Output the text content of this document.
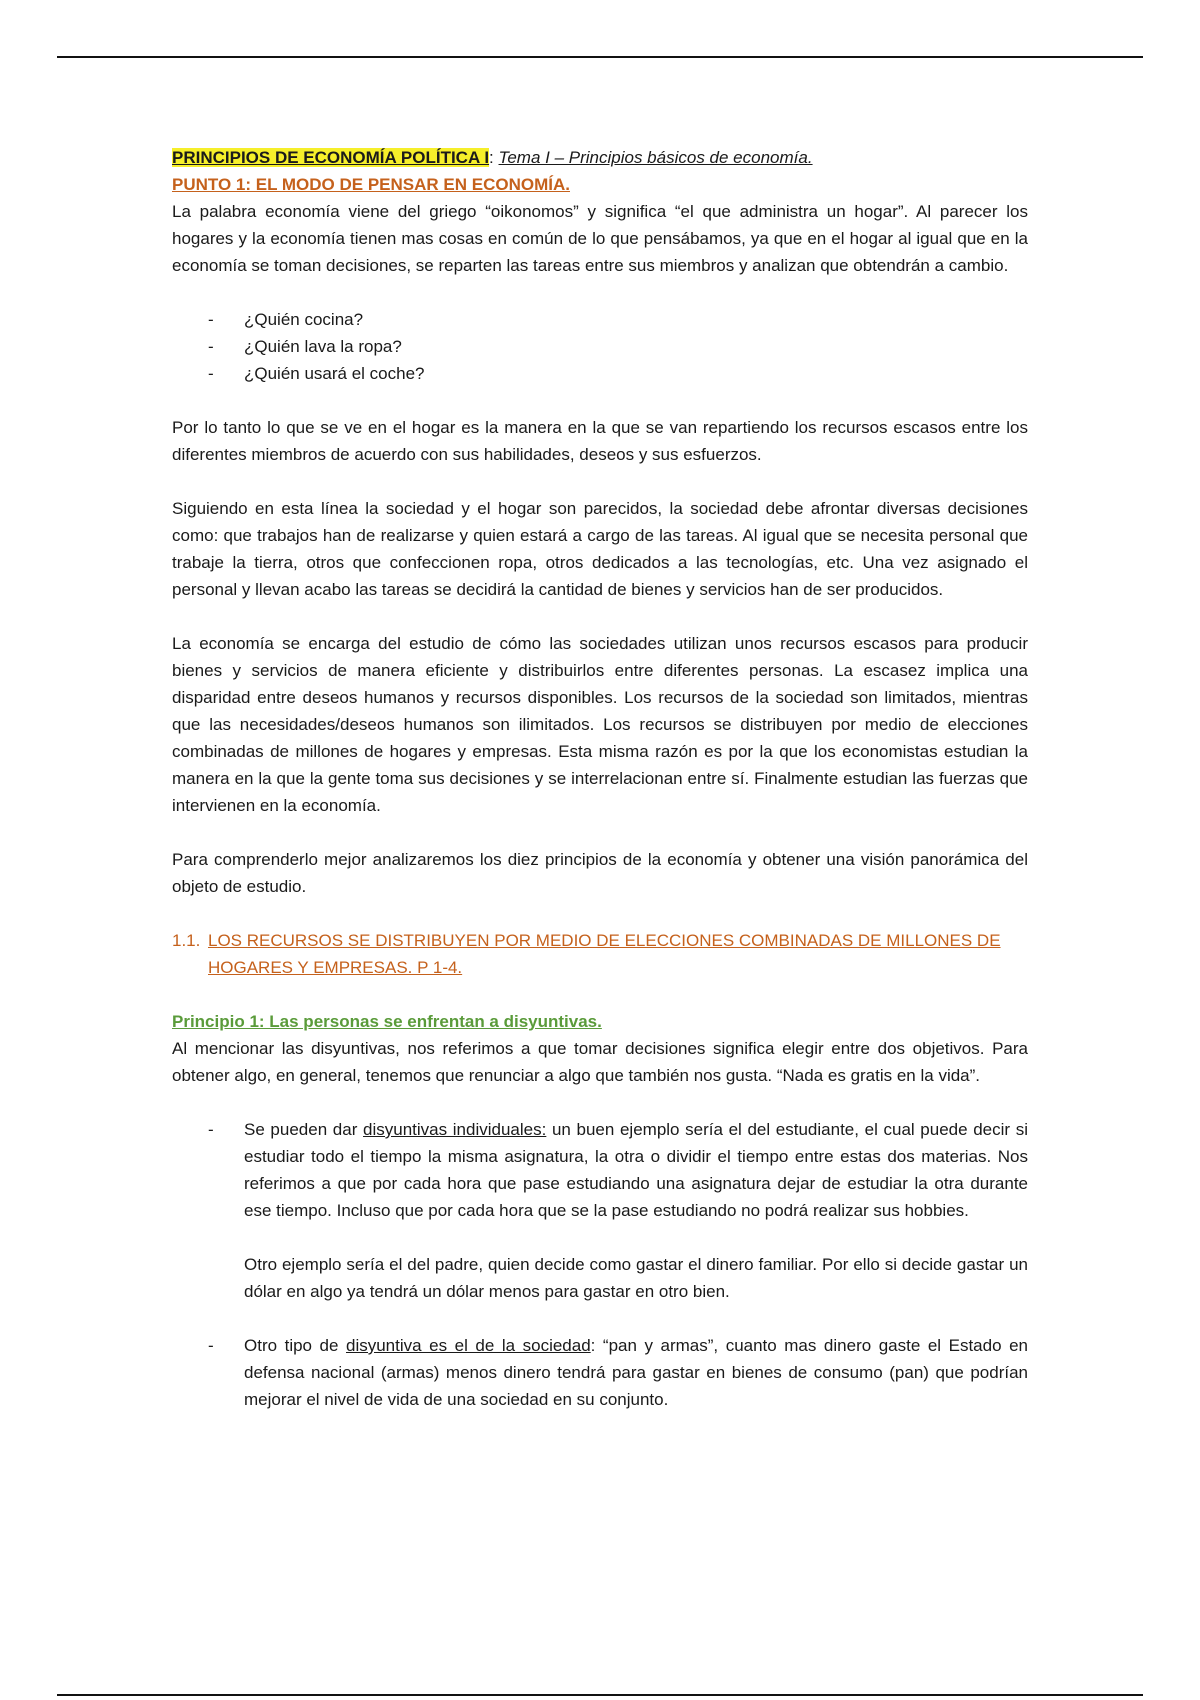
PRINCIPIOS DE ECONOMÍA POLÍTICA I: Tema I – Principios básicos de economía.

PUNTO 1: EL MODO DE PENSAR EN ECONOMÍA.

La palabra economía viene del griego “oikonomos” y significa “el que administra un hogar”. Al parecer los hogares y la economía tienen mas cosas en común de lo que pensábamos, ya que en el hogar al igual que en la economía se toman decisiones, se reparten las tareas entre sus miembros y analizan que obtendrán a cambio.

- ¿Quién cocina?
- ¿Quién lava la ropa?
- ¿Quién usará el coche?

Por lo tanto lo que se ve en el hogar es la manera en la que se van repartiendo los recursos escasos entre los diferentes miembros de acuerdo con sus habilidades, deseos y sus esfuerzos.

Siguiendo en esta línea la sociedad y el hogar son parecidos, la sociedad debe afrontar diversas decisiones como: que trabajos han de realizarse y quien estará a cargo de las tareas. Al igual que se necesita personal que trabaje la tierra, otros que confeccionen ropa, otros dedicados a las tecnologías, etc. Una vez asignado el personal y llevan acabo las tareas se decidirá la cantidad de bienes y servicios han de ser producidos.

La economía se encarga del estudio de cómo las sociedades utilizan unos recursos escasos para producir bienes y servicios de manera eficiente y distribuirlos entre diferentes personas. La escasez implica una disparidad entre deseos humanos y recursos disponibles. Los recursos de la sociedad son limitados, mientras que las necesidades/deseos humanos son ilimitados. Los recursos se distribuyen por medio de elecciones combinadas de millones de hogares y empresas. Esta misma razón es por la que los economistas estudian la manera en la que la gente toma sus decisiones y se interrelacionan entre sí. Finalmente estudian las fuerzas que intervienen en la economía.

Para comprenderlo mejor analizaremos los diez principios de la economía y obtener una visión panorámica del objeto de estudio.

1.1. LOS RECURSOS SE DISTRIBUYEN POR MEDIO DE ELECCIONES COMBINADAS DE MILLONES DE HOGARES Y EMPRESAS. P 1-4.

Principio 1: Las personas se enfrentan a disyuntivas.

Al mencionar las disyuntivas, nos referimos a que tomar decisiones significa elegir entre dos objetivos. Para obtener algo, en general, tenemos que renunciar a algo que también nos gusta. “Nada es gratis en la vida”.

- Se pueden dar disyuntivas individuales: un buen ejemplo sería el del estudiante, el cual puede decir si estudiar todo el tiempo la misma asignatura, la otra o dividir el tiempo entre estas dos materias. Nos referimos a que por cada hora que pase estudiando una asignatura dejar de estudiar la otra durante ese tiempo. Incluso que por cada hora que se la pase estudiando no podrá realizar sus hobbies.

Otro ejemplo sería el del padre, quien decide como gastar el dinero familiar. Por ello si decide gastar un dólar en algo ya tendrá un dólar menos para gastar en otro bien.

- Otro tipo de disyuntiva es el de la sociedad: “pan y armas”, cuanto mas dinero gaste el Estado en defensa nacional (armas) menos dinero tendrá para gastar en bienes de consumo (pan) que podrían mejorar el nivel de vida de una sociedad en su conjunto.
